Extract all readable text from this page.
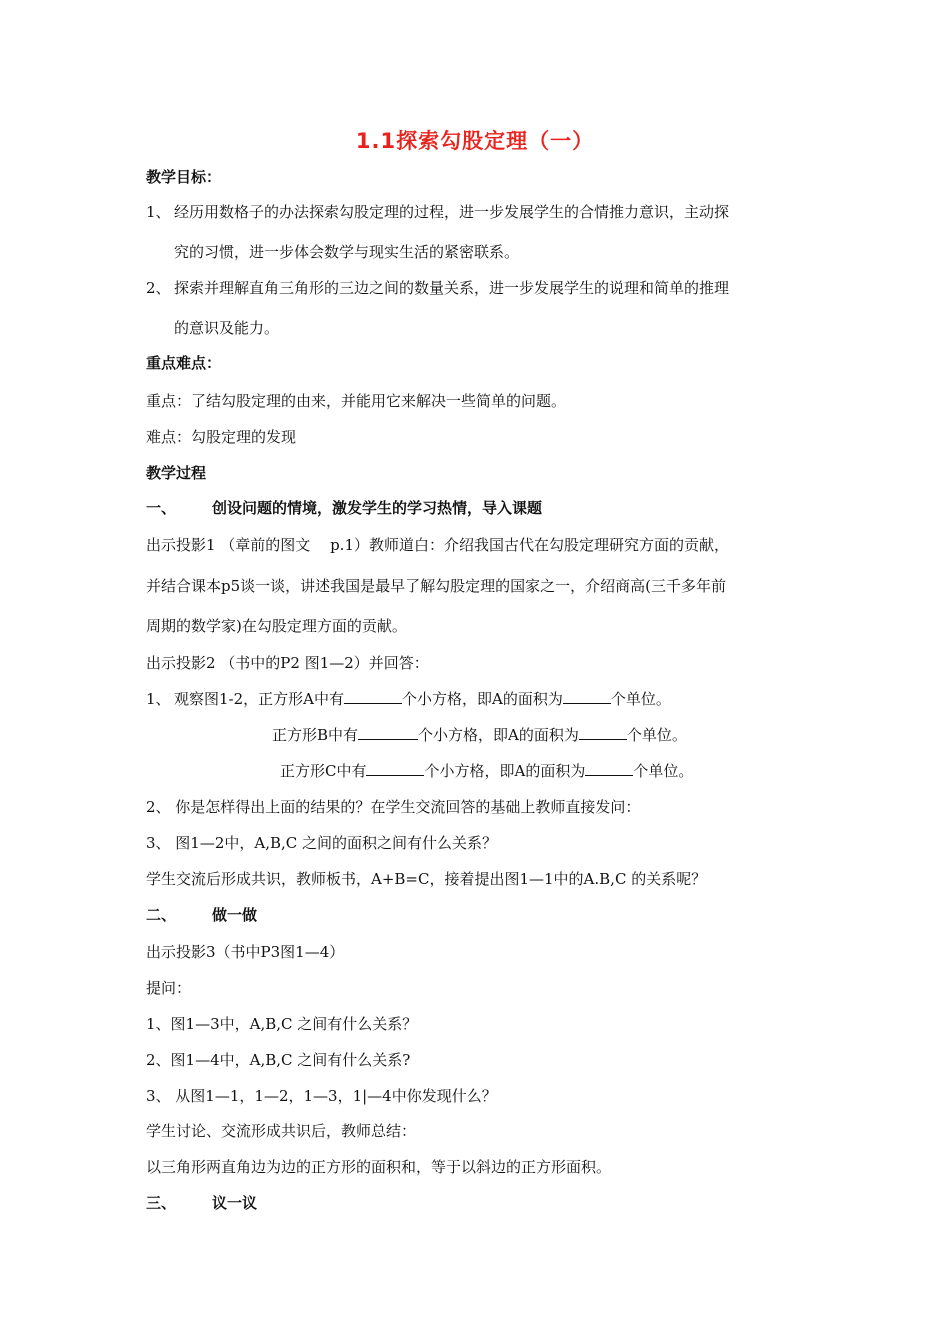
1.1探索勾股定理（一）
教学目标：
1、 经历用数格子的办法探索勾股定理的过程，进一步发展学生的合情推力意识，主动探
究的习惯，进一步体会数学与现实生活的紧密联系。
2、 探索并理解直角三角形的三边之间的数量关系，进一步发展学生的说理和简单的推理
的意识及能力。
重点难点：
重点：了结勾股定理的由来，并能用它来解决一些简单的问题。
难点：勾股定理的发现
教学过程
一、 创设问题的情境，激发学生的学习热情，导入课题
出示投影1 （章前的图文　 p.1）教师道白：介绍我国古代在勾股定理研究方面的贡献，
并结合课本p5谈一谈，讲述我国是最早了解勾股定理的国家之一，介绍商高(三千多年前
周期的数学家)在勾股定理方面的贡献。
出示投影2 （书中的P2 图1—2）并回答：
1、 观察图1-2，正方形A中有	个小方格，即A的面积为	个单位。
正方形B中有	个小方格，即A的面积为	个单位。
正方形C中有	个小方格，即A的面积为	个单位。
2、 你是怎样得出上面的结果的？在学生交流回答的基础上教师直接发问：
3、 图1—2中，A,B,C 之间的面积之间有什么关系？
学生交流后形成共识，教师板书，A+B=C，接着提出图1—1中的A.B,C 的关系呢？
二、 做一做
出示投影3（书中P3图1—4）
提问：
1、图1—3中，A,B,C 之间有什么关系？
2、图1—4中，A,B,C 之间有什么关系?
3、 从图1—1，1—2，1—3，1|—4中你发现什么？
学生讨论、交流形成共识后，教师总结：
以三角形两直角边为边的正方形的面积和，等于以斜边的正方形面积。
三、 议一议
